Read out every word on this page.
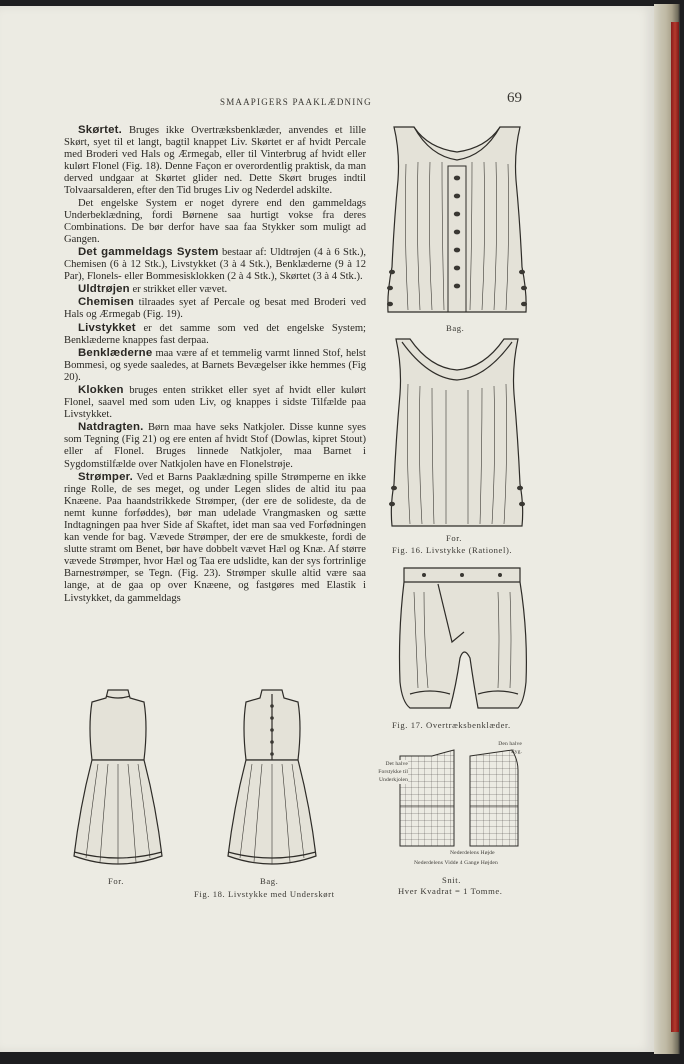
SMAAPIGERS PAAKLÆDNING	69

Skørtet. Bruges ikke Overtræksbenklæder, anvendes et lille Skørt, syet til et langt, bagtil knappet Liv. Skørtet er af hvidt Percale med Broderi ved Hals og Ærmegab, eller til Vinterbrug af hvidt eller kulørt Flonel (Fig. 18). Denne Façon er overordentlig praktisk, da man derved undgaar at Skørtet glider ned. Dette Skørt bruges indtil Tolvaarsalderen, efter den Tid bruges Liv og Nederdel adskilte.

Det engelske System er noget dyrere end den gammeldags Underbeklædning, fordi Børnene saa hurtigt vokse fra deres Combinations. De bør derfor have saa faa Stykker som muligt ad Gangen.

Det gammeldags System bestaar af: Uldtrøjen (4 à 6 Stk.), Chemisen (6 à 12 Stk.), Livstykket (3 à 4 Stk.), Benklæderne (9 à 12 Par), Flonels- eller Bommesisklokken (2 à 4 Stk.), Skørtet (3 à 4 Stk.).

Uldtrøjen er strikket eller vævet.

Chemisen tilraades syet af Percale og besat med Broderi ved Hals og Ærmegab (Fig. 19).

Livstykket er det samme som ved det engelske System; Benklæderne knappes fast derpaa.

Benklæderne maa være af et temmelig varmt linned Stof, helst Bommesi, og syede saaledes, at Barnets Bevægelser ikke hemmes (Fig 20).

Klokken bruges enten strikket eller syet af hvidt eller kulørt Flonel, saavel med som uden Liv, og knappes i sidste Tilfælde paa Livstykket.

Natdragten. Børn maa have seks Natkjoler. Disse kunne syes som Tegning (Fig 21) og ere enten af hvidt Stof (Dowlas, kipret Stout) eller af Flonel. Bruges linnede Natkjoler, maa Barnet i Sygdomstilfælde over Natkjolen have en Flonelstrøje.

Strømper. Ved et Barns Paaklædning spille Strømperne en ikke ringe Rolle, de ses meget, og under Legen slides de altid itu paa Knæene. Paa haandstrikkede Strømper, (der ere de solideste, da de nemt kunne forføddes), bør man udelade Vrangmasken og sætte Indtagningen paa hver Side af Skaftet, idet man saa ved Forfødningen kan vende for bag. Vævede Strømper, der ere de smukkeste, fordi de slutte stramt om Benet, bør have dobbelt vævet Hæl og Knæ. Af større vævede Strømper, hvor Hæl og Taa ere udslidte, kan der sys fortrinlige Barnestrømper, se Tegn. (Fig. 23). Strømper skulle altid være saa lange, at de gaa op over Knæene, og fastgøres med Elastik i Livstykket, da gammeldags

Bag.
For.
Fig. 16. Livstykke (Rationel).
Fig. 17. Overtræksbenklæder.
Det halve Forstykke til Underkjolen
Den halve Ryg.
Nederdelens Højde
Nederdelens Vidde 4 Gange Højden
Snit.
Hver Kvadrat = 1 Tomme.
For.	Bag.
Fig. 18. Livstykke med Underskørt
